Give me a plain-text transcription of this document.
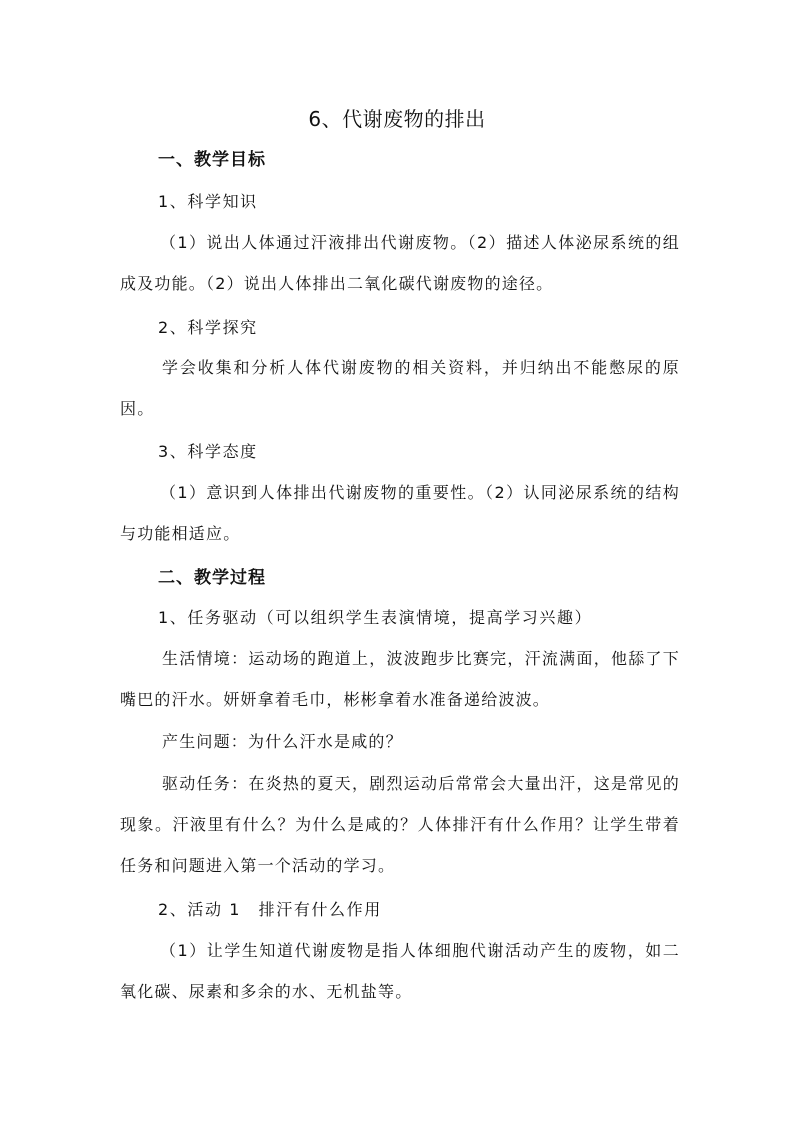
6、代谢废物的排出
一、教学目标
1、科学知识
（1）说出人体通过汗液排出代谢废物。（2）描述人体泌尿系统的组成及功能。（2）说出人体排出二氧化碳代谢废物的途径。
2、科学探究
学会收集和分析人体代谢废物的相关资料，并归纳出不能憋尿的原因。
3、科学态度
（1）意识到人体排出代谢废物的重要性。（2）认同泌尿系统的结构与功能相适应。
二、教学过程
1、任务驱动（可以组织学生表演情境，提高学习兴趣）
生活情境：运动场的跑道上，波波跑步比赛完，汗流满面，他舔了下嘴巴的汗水。妍妍拿着毛巾，彬彬拿着水准备递给波波。
产生问题：为什么汗水是咸的？
驱动任务：在炎热的夏天，剧烈运动后常常会大量出汗，这是常见的现象。汗液里有什么？为什么是咸的？人体排汗有什么作用？让学生带着任务和问题进入第一个活动的学习。
2、活动 1　排汗有什么作用
（1）让学生知道代谢废物是指人体细胞代谢活动产生的废物，如二氧化碳、尿素和多余的水、无机盐等。
